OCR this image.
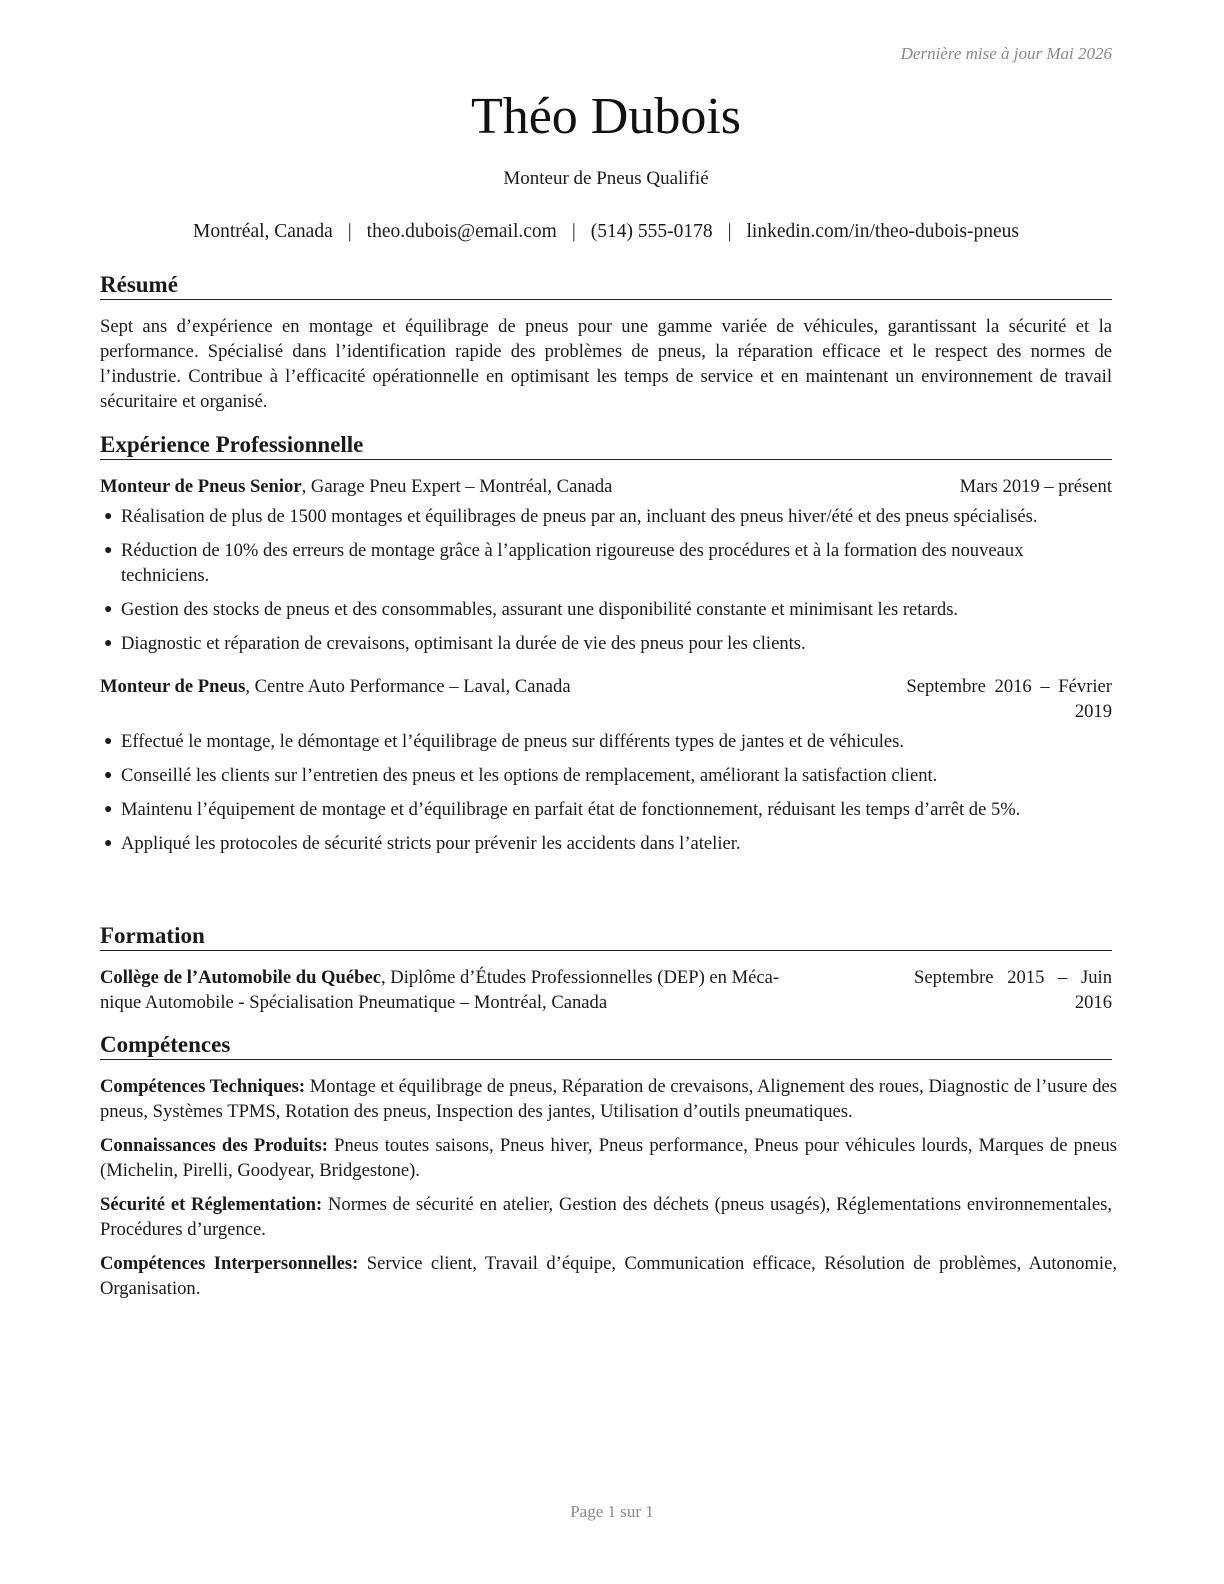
Dernière mise à jour Mai 2026
Théo Dubois
Monteur de Pneus Qualifié
Montréal, Canada | theo.dubois@email.com | (514) 555-0178 | linkedin.com/in/theo-dubois-pneus
Résumé

Sept ans d’expérience en montage et équilibrage de pneus pour une gamme variée de véhicules, garantissant la sécurité et la performance. Spécialisé dans l’identification rapide des problèmes de pneus, la réparation efficace et le respect des normes de l’industrie. Contribue à l’efficacité opérationnelle en optimisant les temps de service et en maintenant un environnement de travail sécuritaire et organisé.

Expérience Professionnelle
Monteur de Pneus Senior, Garage Pneu Expert – Montréal, Canada	Mars 2019 – présent
● Réalisation de plus de 1500 montages et équilibrages de pneus par an, incluant des pneus hiver/été et des pneus spécialisés.
● Réduction de 10% des erreurs de montage grâce à l’application rigoureuse des procédures et à la formation des nouveaux techniciens.
● Gestion des stocks de pneus et des consommables, assurant une disponibilité constante et minimisant les retards.
● Diagnostic et réparation de crevaisons, optimisant la durée de vie des pneus pour les clients.
Monteur de Pneus, Centre Auto Performance – Laval, Canada	Septembre 2016 – Février
2019
● Effectué le montage, le démontage et l’équilibrage de pneus sur différents types de jantes et de véhicules.
● Conseillé les clients sur l’entretien des pneus et les options de remplacement, améliorant la satisfaction client.
● Maintenu l’équipement de montage et d’équilibrage en parfait état de fonctionnement, réduisant les temps d’arrêt de 5%.
● Appliqué les protocoles de sécurité stricts pour prévenir les accidents dans l’atelier.
Formation
Collège de l’Automobile du Québec, Diplôme d’Études Professionnelles (DEP) en Méca-
nique Automobile - Spécialisation Pneumatique – Montréal, Canada
Septembre 2015 – Juin
2016
Compétences

Compétences Techniques: Montage et équilibrage de pneus, Réparation de crevaisons, Alignement des roues, Diagnostic de l’usure des pneus, Systèmes TPMS, Rotation des pneus, Inspection des jantes, Utilisation d’outils pneumatiques.

Connaissances des Produits: Pneus toutes saisons, Pneus hiver, Pneus performance, Pneus pour véhicules lourds, Marques de pneus (Michelin, Pirelli, Goodyear, Bridgestone).

Sécurité et Réglementation: Normes de sécurité en atelier, Gestion des déchets (pneus usagés), Réglementations environnementales, Procédures d’urgence.

Compétences Interpersonnelles: Service client, Travail d’équipe, Communication efficace, Résolution de problèmes, Autonomie, Organisation.

Page 1 sur 1
